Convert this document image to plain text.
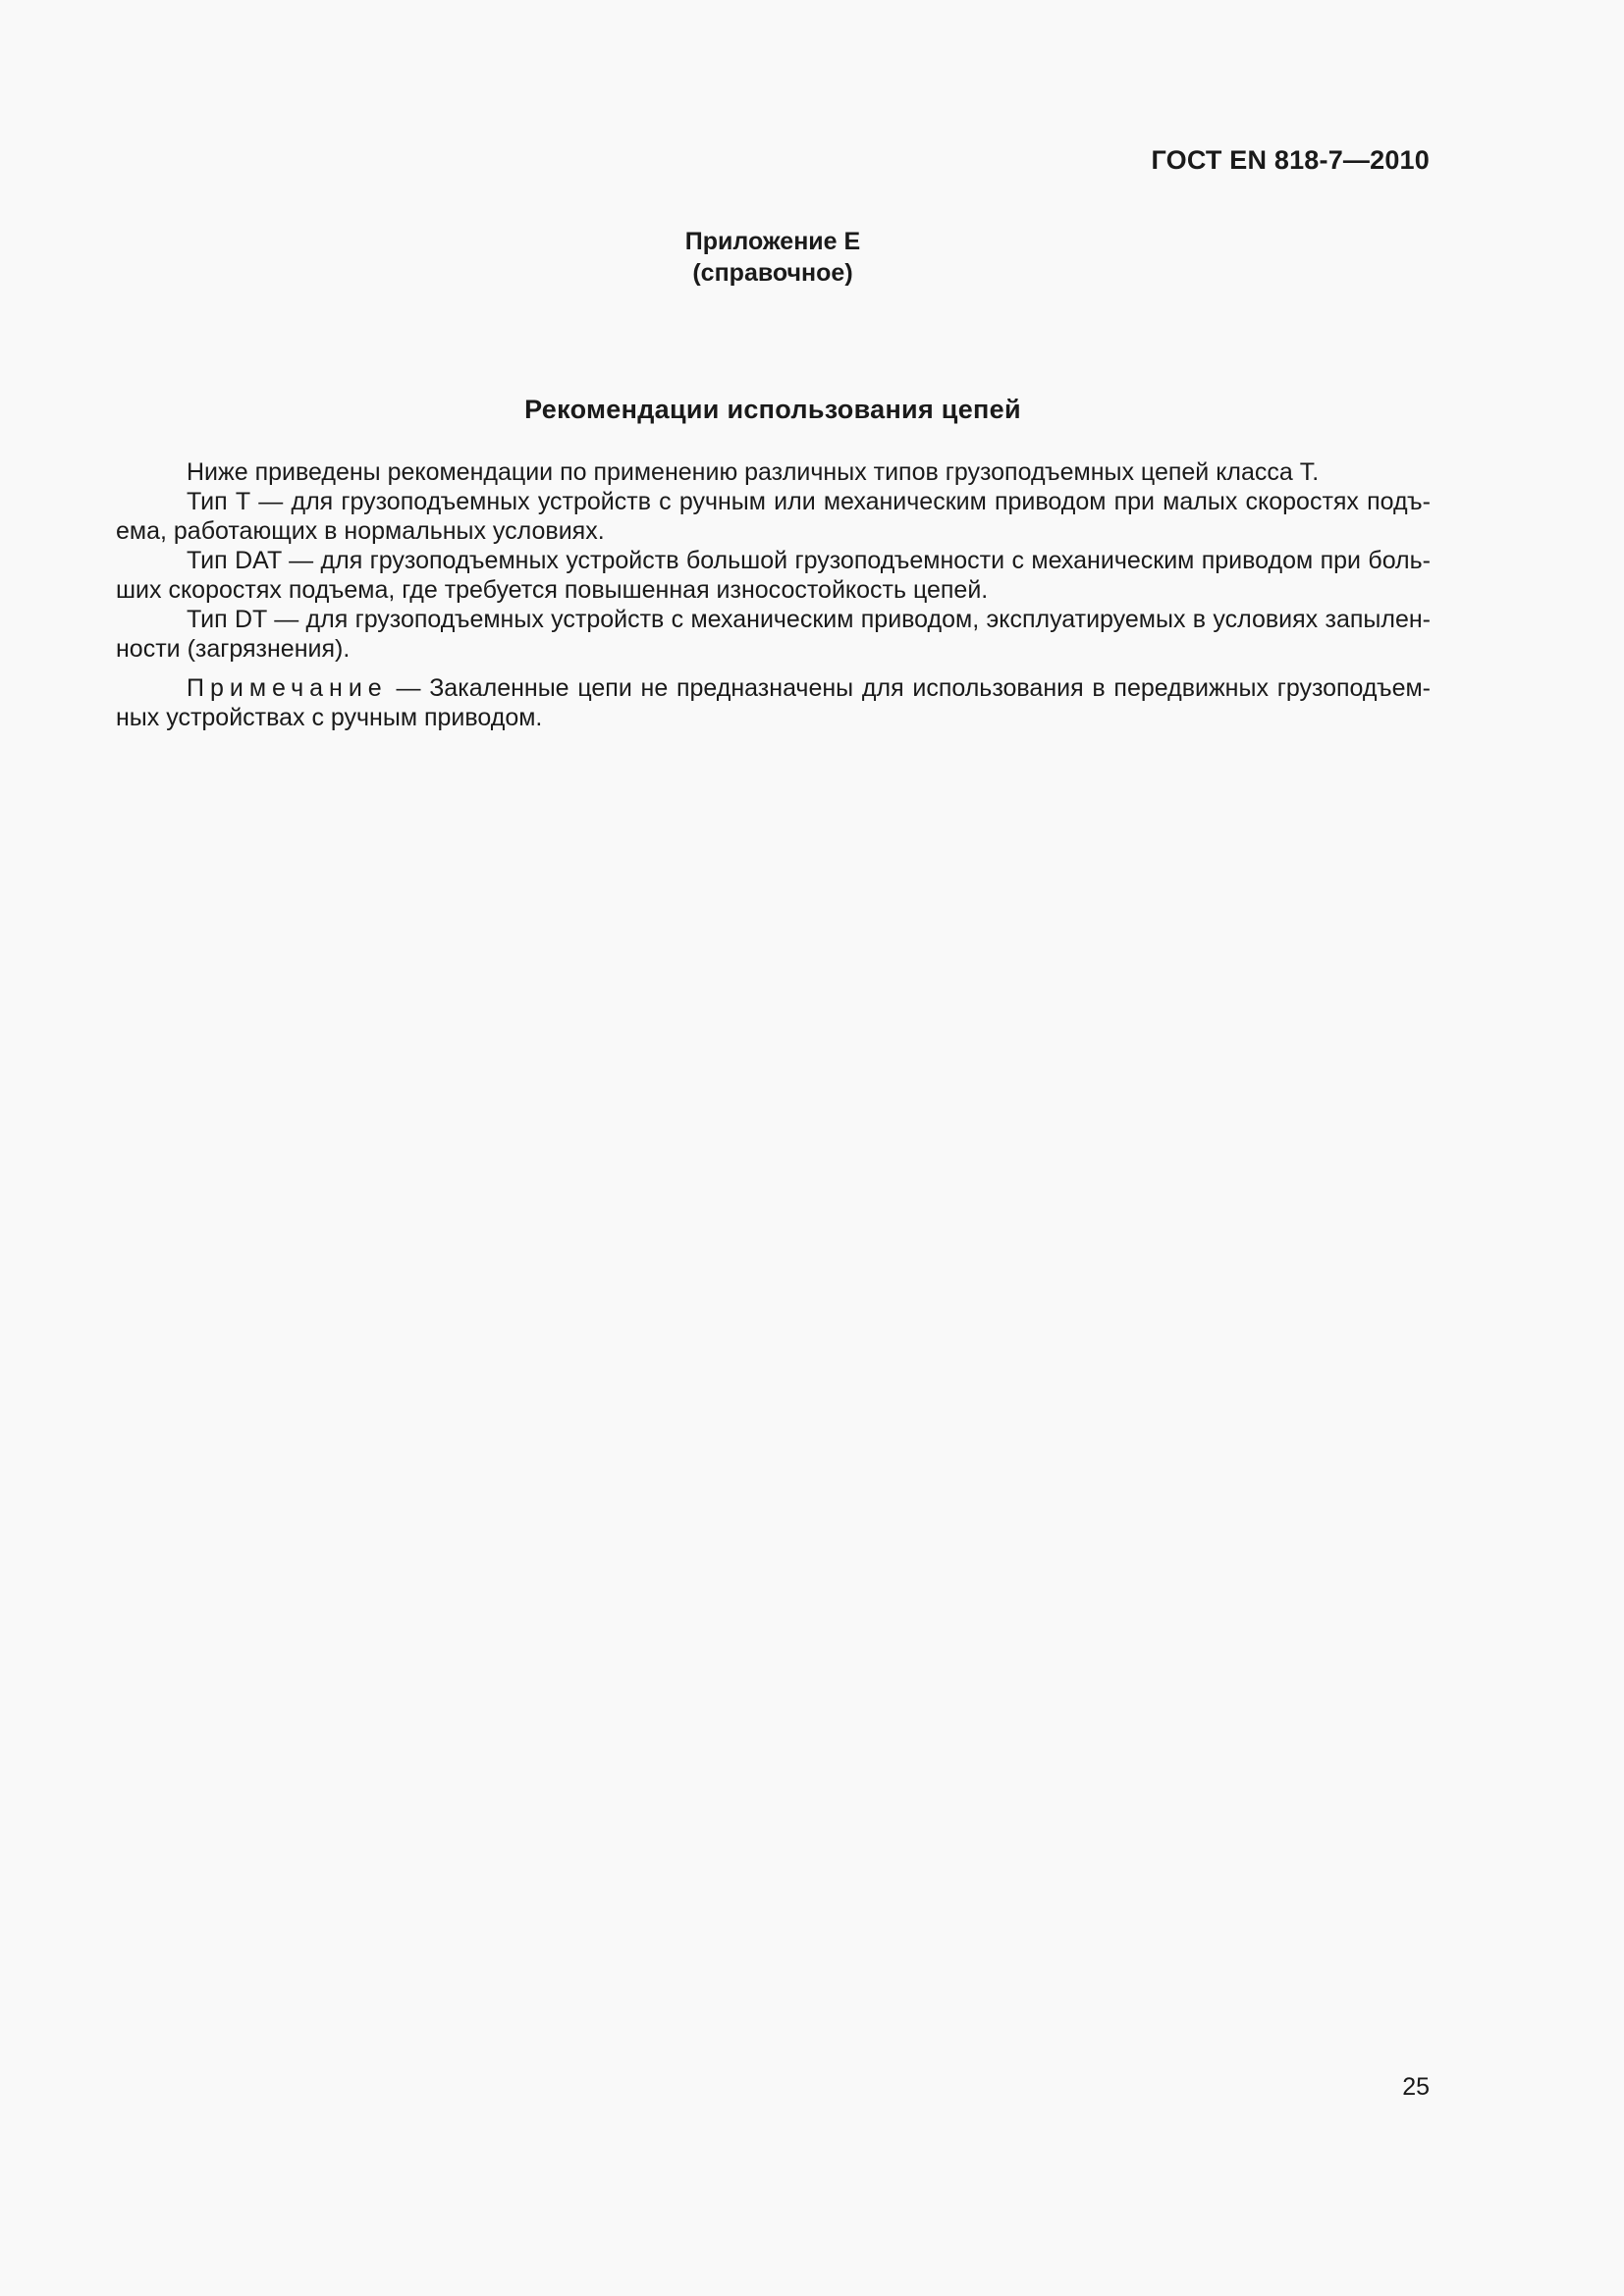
ГОСТ EN 818-7—2010
Приложение Е
(справочное)
Рекомендации использования цепей

Ниже приведены рекомендации по применению различных типов грузоподъемных цепей класса Т.

Тип Т — для грузоподъемных устройств с ручным или механическим приводом при малых скоростях подъ-ема, работающих в нормальных условиях.

Тип DAT — для грузоподъемных устройств большой грузоподъемности с механическим приводом при боль-ших скоростях подъема, где требуется повышенная износостойкость цепей.

Тип DT — для грузоподъемных устройств с механическим приводом, эксплуатируемых в условиях запылен-ности (загрязнения).

Примечание — Закаленные цепи не предназначены для использования в передвижных грузоподъем-ных устройствах с ручным приводом.

25
